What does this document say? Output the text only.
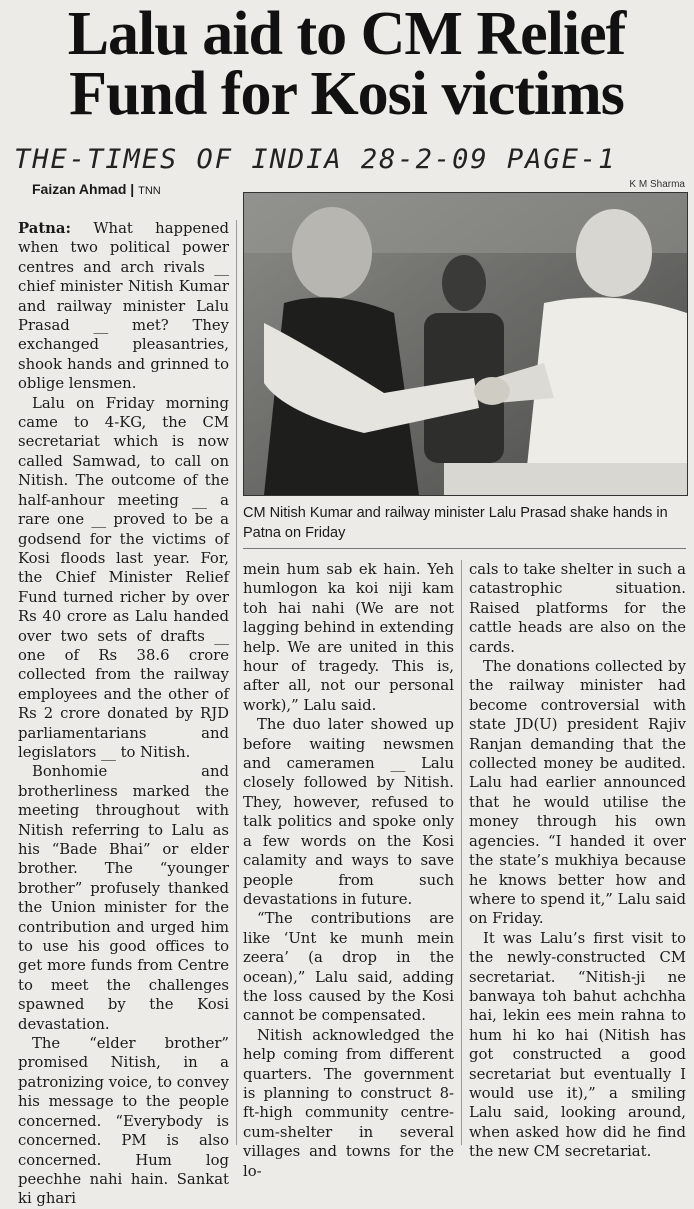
Lalu aid to CM Relief
Fund for Kosi victims
THE-TIMES OF INDIA 28-2-09 PAGE-1
Faizan Ahmad | TNN
K M Sharma
CM Nitish Kumar and railway minister Lalu Prasad shake hands in Patna on Friday

Patna: What happened when two political power centres and arch rivals __ chief minister Nitish Kumar and railway minister Lalu Prasad __ met? They exchanged pleasantries, shook hands and grinned to oblige lensmen.

Lalu on Friday morning came to 4-KG, the CM secretariat which is now called Samwad, to call on Nitish. The outcome of the half-anhour meeting __ a rare one __ proved to be a godsend for the victims of Kosi floods last year. For, the Chief Minister Relief Fund turned richer by over Rs 40 crore as Lalu handed over two sets of drafts __ one of Rs 38.6 crore collected from the railway employees and the other of Rs 2 crore donated by RJD parliamentarians and legislators __ to Nitish.

Bonhomie and brotherliness marked the meeting throughout with Nitish referring to Lalu as his “Bade Bhai” or elder brother. The “younger brother” profusely thanked the Union minister for the contribution and urged him to use his good offices to get more funds from Centre to meet the challenges spawned by the Kosi devastation.

The “elder brother” promised Nitish, in a patronizing voice, to convey his message to the people concerned. “Everybody is concerned. PM is also concerned. Hum log peechhe nahi hain. Sankat ki ghari

mein hum sab ek hain. Yeh humlogon ka koi niji kam toh hai nahi (We are not lagging behind in extending help. We are united in this hour of tragedy. This is, after all, not our personal work),” Lalu said.

The duo later showed up before waiting newsmen and cameramen __ Lalu closely followed by Nitish. They, however, refused to talk politics and spoke only a few words on the Kosi calamity and ways to save people from such devastations in future.

“The contributions are like ‘Unt ke munh mein zeera’ (a drop in the ocean),” Lalu said, adding the loss caused by the Kosi cannot be compensated.

Nitish acknowledged the help coming from different quarters. The government is planning to construct 8-ft-high community centre-cum-shelter in several villages and towns for the lo-

cals to take shelter in such a catastrophic situation. Raised platforms for the cattle heads are also on the cards.

The donations collected by the railway minister had become controversial with state JD(U) president Rajiv Ranjan demanding that the collected money be audited. Lalu had earlier announced that he would utilise the money through his own agencies. “I handed it over the state’s mukhiya because he knows better how and where to spend it,” Lalu said on Friday.

It was Lalu’s first visit to the newly-constructed CM secretariat. “Nitish-ji ne banwaya toh bahut achchha hai, lekin ees mein rahna to hum hi ko hai (Nitish has got constructed a good secretariat but eventually I would use it),” a smiling Lalu said, looking around, when asked how did he find the new CM secretariat.
